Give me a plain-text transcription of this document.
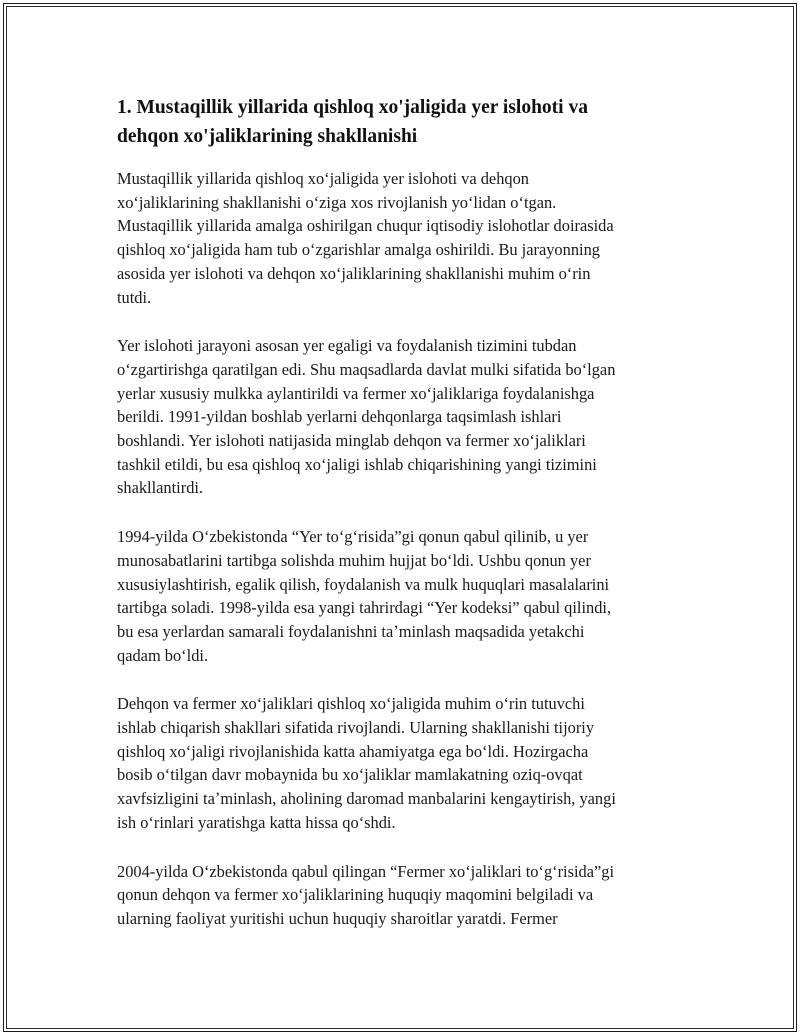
1. Mustaqillik yillarida qishloq xo'jaligida yer islohoti va
dehqon xo'jaliklarining shakllanishi

Mustaqillik yillarida qishloq xoʻjaligida yer islohoti va dehqon
xoʻjaliklarining shakllanishi oʻziga xos rivojlanish yoʻlidan oʻtgan.
Mustaqillik yillarida amalga oshirilgan chuqur iqtisodiy islohotlar doirasida
qishloq xoʻjaligida ham tub oʻzgarishlar amalga oshirildi. Bu jarayonning
asosida yer islohoti va dehqon xoʻjaliklarining shakllanishi muhim oʻrin
tutdi.

Yer islohoti jarayoni asosan yer egaligi va foydalanish tizimini tubdan
oʻzgartirishga qaratilgan edi. Shu maqsadlarda davlat mulki sifatida boʻlgan
yerlar xususiy mulkka aylantirildi va fermer xoʻjaliklariga foydalanishga
berildi. 1991-yildan boshlab yerlarni dehqonlarga taqsimlash ishlari
boshlandi. Yer islohoti natijasida minglab dehqon va fermer xoʻjaliklari
tashkil etildi, bu esa qishloq xoʻjaligi ishlab chiqarishining yangi tizimini
shakllantirdi.

1994-yilda Oʻzbekistonda “Yer toʻgʻrisida”gi qonun qabul qilinib, u yer
munosabatlarini tartibga solishda muhim hujjat boʻldi. Ushbu qonun yer
xususiylashtirish, egalik qilish, foydalanish va mulk huquqlari masalalarini
tartibga soladi. 1998-yilda esa yangi tahrirdagi “Yer kodeksi” qabul qilindi,
bu esa yerlardan samarali foydalanishni taʼminlash maqsadida yetakchi
qadam boʻldi.

Dehqon va fermer xoʻjaliklari qishloq xoʻjaligida muhim oʻrin tutuvchi
ishlab chiqarish shakllari sifatida rivojlandi. Ularning shakllanishi tijoriy
qishloq xoʻjaligi rivojlanishida katta ahamiyatga ega boʻldi. Hozirgacha
bosib oʻtilgan davr mobaynida bu xoʻjaliklar mamlakatning oziq-ovqat
xavfsizligini taʼminlash, aholining daromad manbalarini kengaytirish, yangi
ish oʻrinlari yaratishga katta hissa qoʻshdi.

2004-yilda Oʻzbekistonda qabul qilingan “Fermer xoʻjaliklari toʻgʻrisida”gi
qonun dehqon va fermer xoʻjaliklarining huquqiy maqomini belgiladi va
ularning faoliyat yuritishi uchun huquqiy sharoitlar yaratdi. Fermer
